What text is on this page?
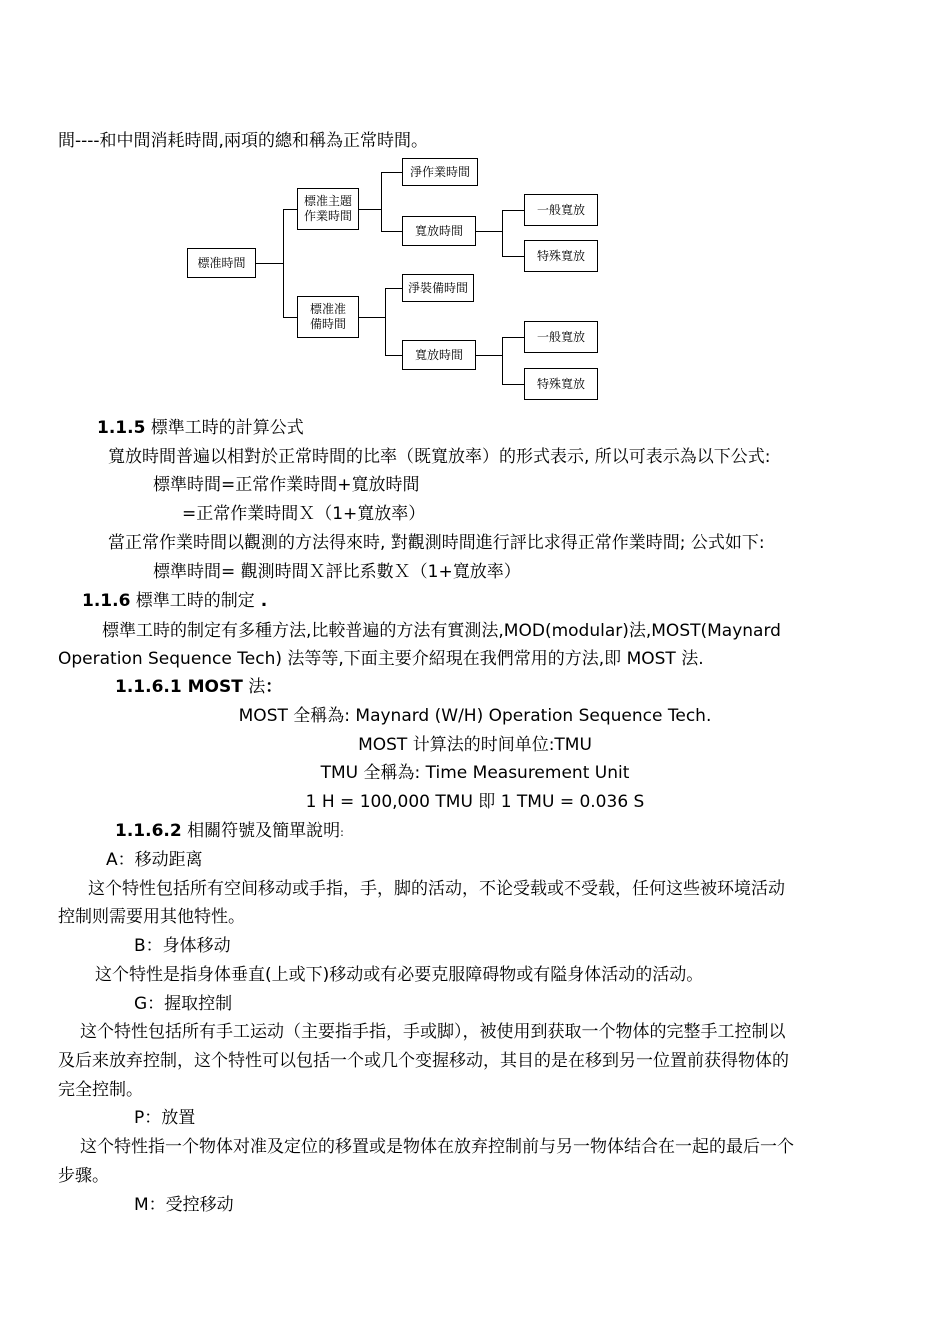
間----和中間消耗時間,兩項的總和稱為正常時間。
標准時間
標准主題
作業時間
淨作業時間
寬放時間
一般寬放
特殊寬放
標准准
備時間
淨裝備時間
寬放時間
一般寬放
特殊寬放
1.1.5 標準工時的計算公式
寬放時間普遍以相對於正常時間的比率（既寬放率）的形式表示, 所以可表示為以下公式:
標準時間=正常作業時間+寬放時間
=正常作業時間Ｘ（1+寬放率）
當正常作業時間以觀測的方法得來時, 對觀測時間進行評比求得正常作業時間; 公式如下:
標準時間= 觀測時間Ｘ評比系數Ｘ（1+寬放率）
1.1.6 標準工時的制定 .
標準工時的制定有多種方法,比較普遍的方法有實測法,MOD(modular)法,MOST(Maynard
Operation Sequence Tech) 法等等,下面主要介紹現在我們常用的方法,即 MOST 法.
1.1.6.1 MOST 法：
MOST 全稱為: Maynard (W/H) Operation Sequence Tech.
MOST 计算法的时间单位:TMU
TMU 全稱為: Time Measurement Unit
1 H = 100,000 TMU 即 1 TMU = 0.036 S
1.1.6.2 相關符號及簡單說明:
A：移动距离
这个特性包括所有空间移动或手指，手，脚的活动，不论受载或不受载，任何这些被环境活动
控制则需要用其他特性。
B：身体移动
这个特性是指身体垂直(上或下)移动或有必要克服障碍物或有隘身体活动的活动。
G：握取控制
这个特性包括所有手工运动（主要指手指，手或脚），被使用到获取一个物体的完整手工控制以
及后来放弃控制，这个特性可以包括一个或几个变握移动，其目的是在移到另一位置前获得物体的
完全控制。
P：放置
这个特性指一个物体对准及定位的移置或是物体在放弃控制前与另一物体结合在一起的最后一个
步骤。
M：受控移动
